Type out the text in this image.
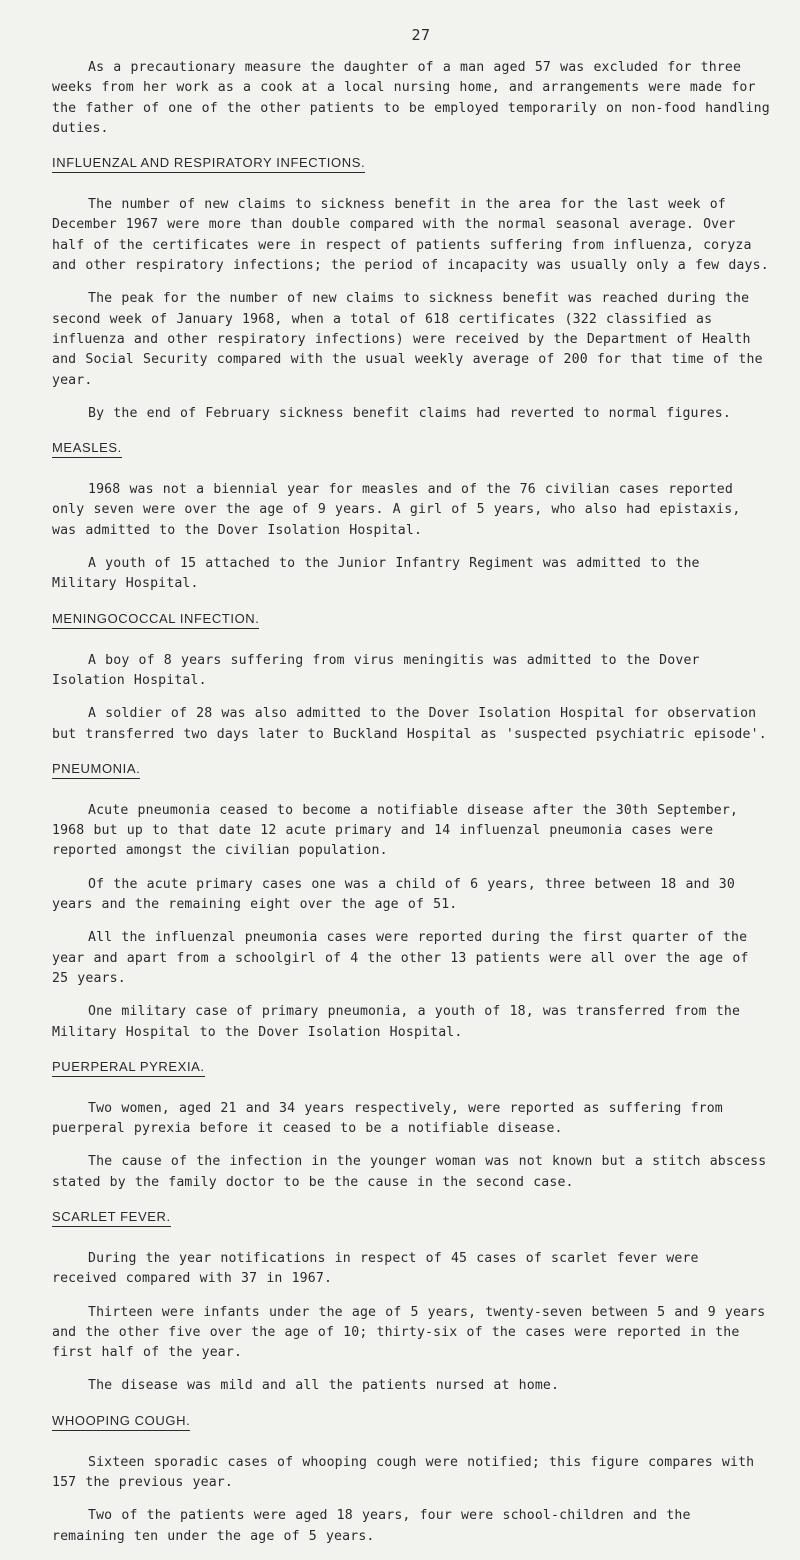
27

As a precautionary measure the daughter of a man aged 57 was excluded for three weeks from her work as a cook at a local nursing home, and arrangements were made for the father of one of the other patients to be employed temporarily on non-food handling duties.

INFLUENZAL AND RESPIRATORY INFECTIONS.

The number of new claims to sickness benefit in the area for the last week of December 1967 were more than double compared with the normal seasonal average. Over half of the certificates were in respect of patients suffering from influenza, coryza and other respiratory infections; the period of incapacity was usually only a few days.

The peak for the number of new claims to sickness benefit was reached during the second week of January 1968, when a total of 618 certificates (322 classified as influenza and other respiratory infections) were received by the Department of Health and Social Security compared with the usual weekly average of 200 for that time of the year.

By the end of February sickness benefit claims had reverted to normal figures.

MEASLES.

1968 was not a biennial year for measles and of the 76 civilian cases reported only seven were over the age of 9 years. A girl of 5 years, who also had epistaxis, was admitted to the Dover Isolation Hospital.

A youth of 15 attached to the Junior Infantry Regiment was admitted to the Military Hospital.

MENINGOCOCCAL INFECTION.

A boy of 8 years suffering from virus meningitis was admitted to the Dover Isolation Hospital.

A soldier of 28 was also admitted to the Dover Isolation Hospital for observation but transferred two days later to Buckland Hospital as 'suspected psychiatric episode'.

PNEUMONIA.

Acute pneumonia ceased to become a notifiable disease after the 30th September, 1968 but up to that date 12 acute primary and 14 influenzal pneumonia cases were reported amongst the civilian population.

Of the acute primary cases one was a child of 6 years, three between 18 and 30 years and the remaining eight over the age of 51.

All the influenzal pneumonia cases were reported during the first quarter of the year and apart from a schoolgirl of 4 the other 13 patients were all over the age of 25 years.

One military case of primary pneumonia, a youth of 18, was transferred from the Military Hospital to the Dover Isolation Hospital.

PUERPERAL PYREXIA.

Two women, aged 21 and 34 years respectively, were reported as suffering from puerperal pyrexia before it ceased to be a notifiable disease.

The cause of the infection in the younger woman was not known but a stitch abscess stated by the family doctor to be the cause in the second case.

SCARLET FEVER.

During the year notifications in respect of 45 cases of scarlet fever were received compared with 37 in 1967.

Thirteen were infants under the age of 5 years, twenty-seven between 5 and 9 years and the other five over the age of 10; thirty-six of the cases were reported in the first half of the year.

The disease was mild and all the patients nursed at home.

WHOOPING COUGH.

Sixteen sporadic cases of whooping cough were notified; this figure compares with 157 the previous year.

Two of the patients were aged 18 years, four were school-children and the remaining ten under the age of 5 years.
